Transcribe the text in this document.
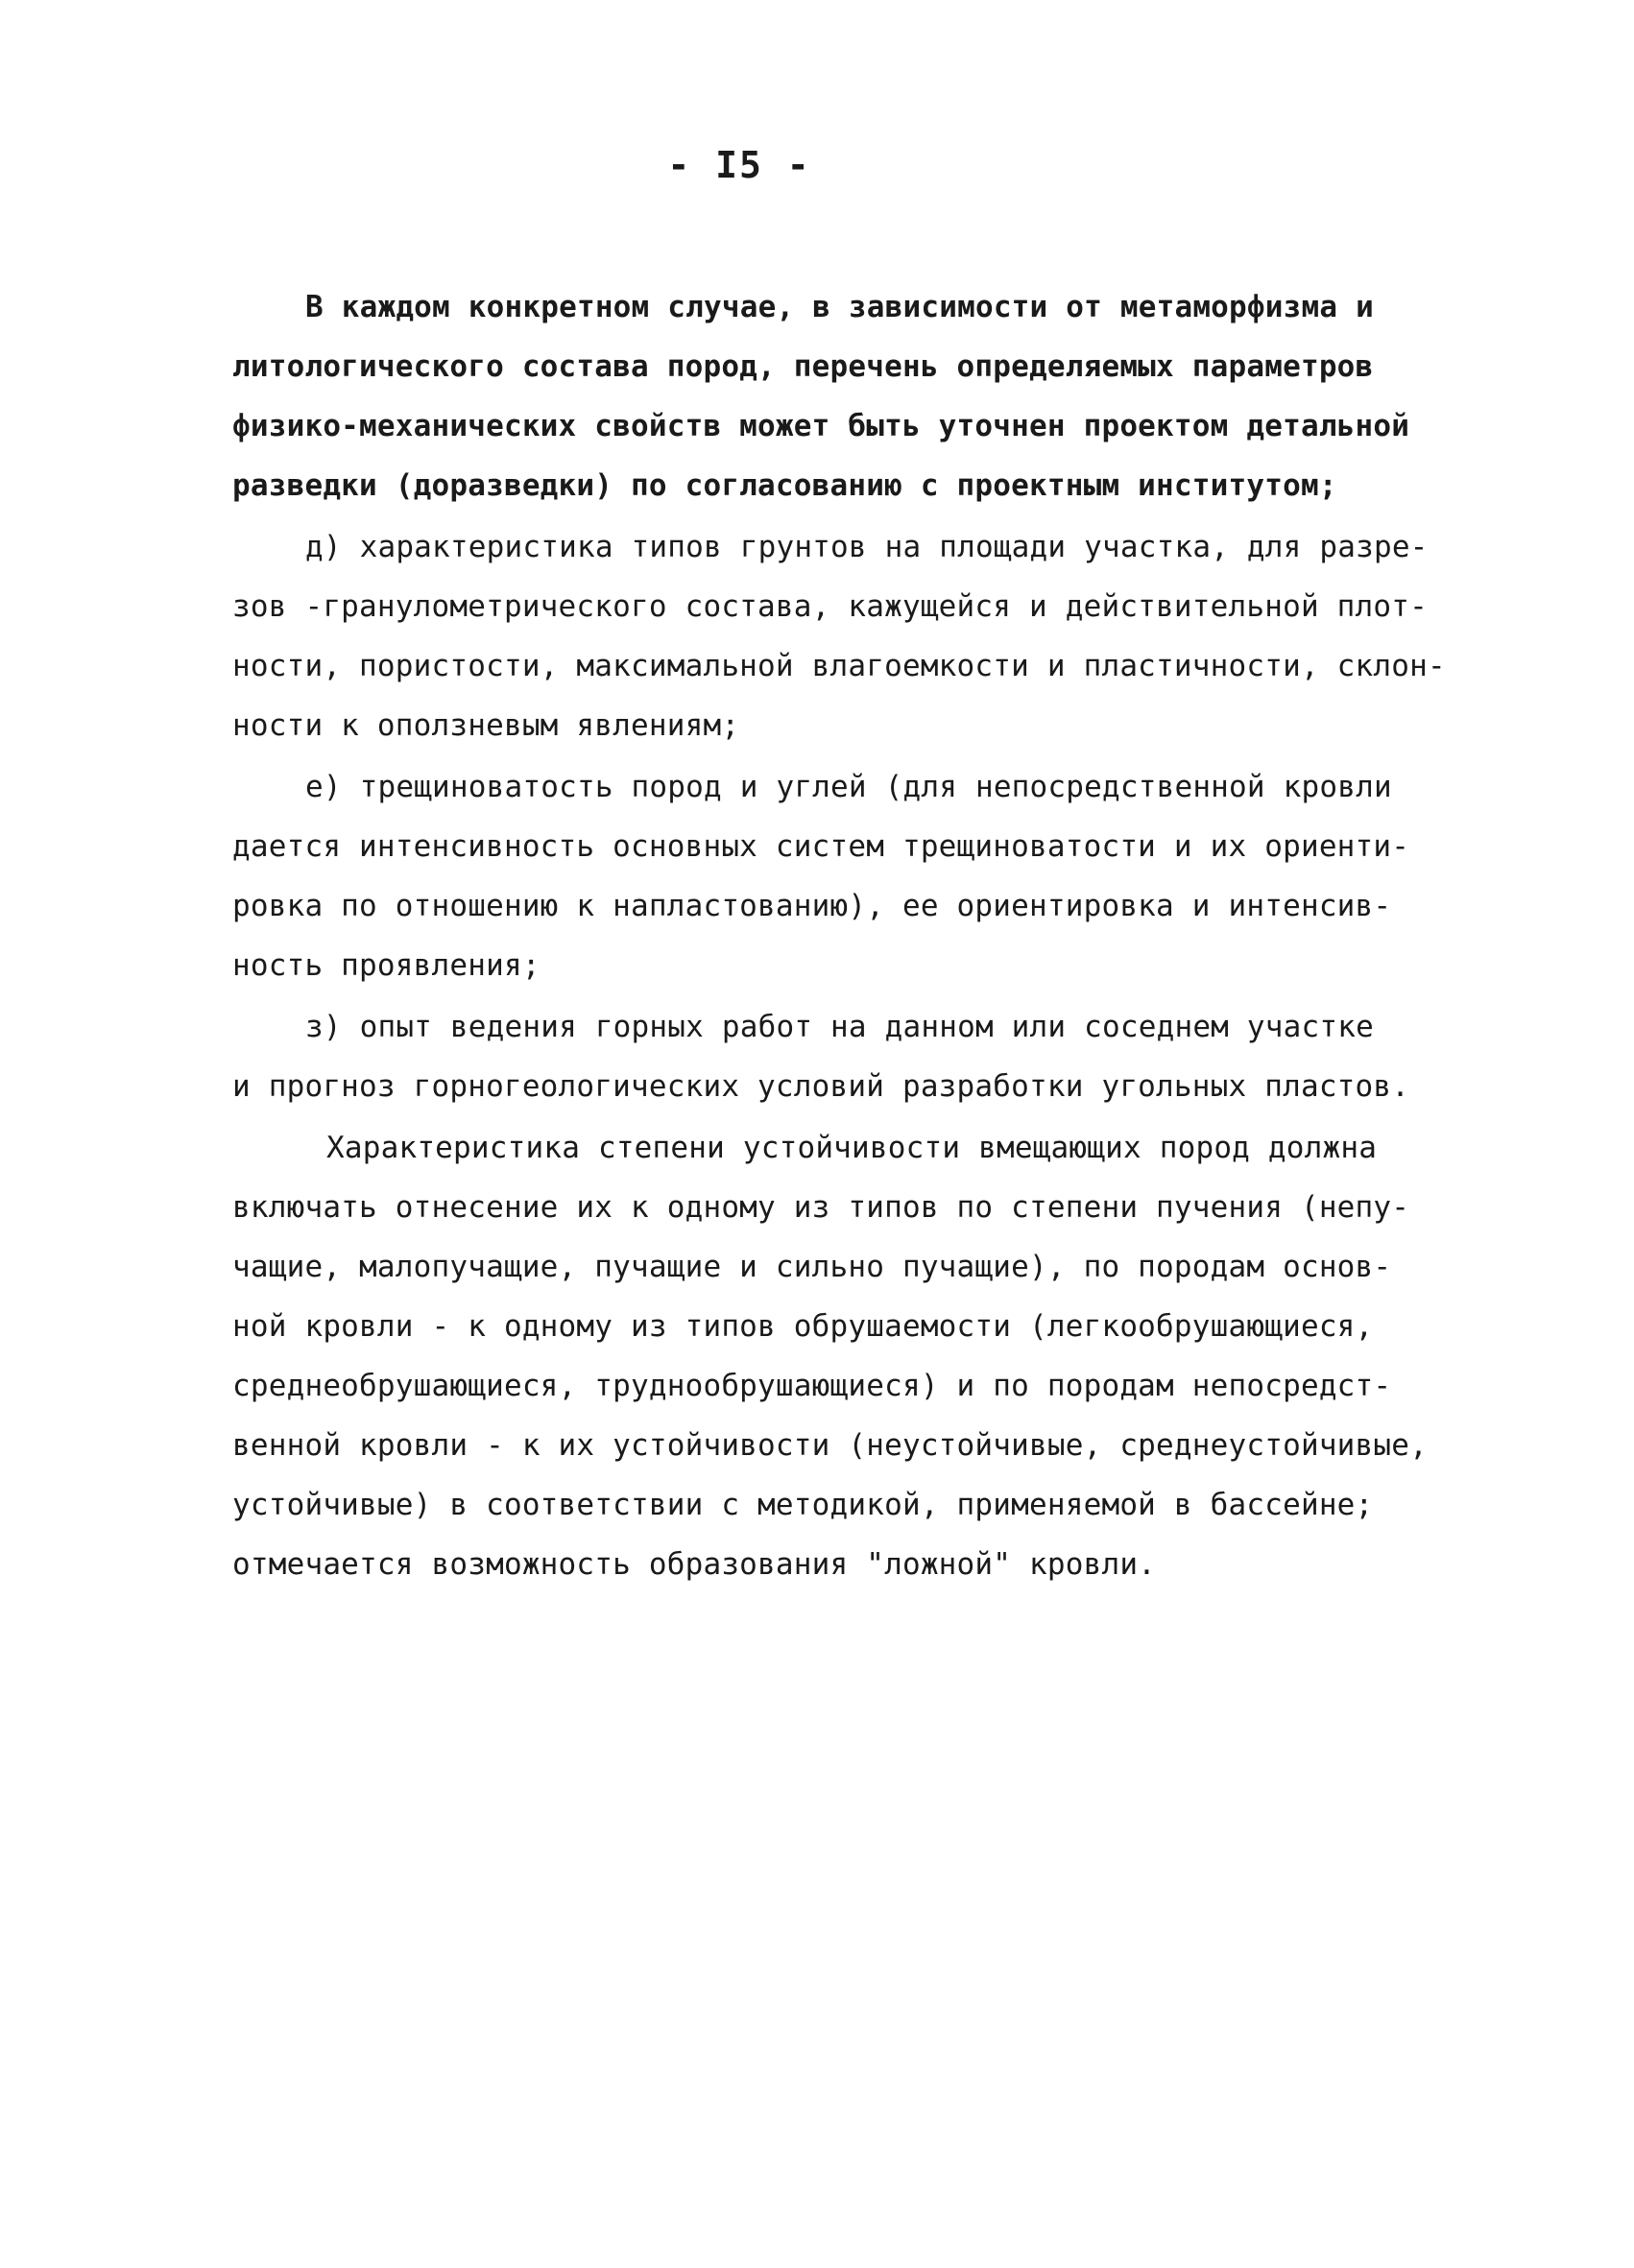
- I5 -
В каждом конкретном случае, в зависимости от метаморфизма и
литологического состава пород, перечень определяемых параметров
физико-механических свойств может быть уточнен проектом детальной
разведки (доразведки) по согласованию с проектным институтом;
д) характеристика типов грунтов на площади участка, для разре-
зов -гранулометрического состава, кажущейся и действительной плот-
ности, пористости, максимальной влагоемкости и пластичности, склон-
ности к оползневым явлениям;
е) трещиноватость пород и углей (для непосредственной кровли
дается интенсивность основных систем трещиноватости и их ориенти-
ровка по отношению к напластованию), ее ориентировка и интенсив-
ность проявления;
з) опыт ведения горных работ на данном или соседнем участке
и прогноз горногеологических условий разработки угольных пластов.
Характеристика степени устойчивости вмещающих пород должна
включать отнесение их к одному из типов по степени пучения (непу-
чащие, малопучащие, пучащие и сильно пучащие), по породам основ-
ной кровли - к одному из типов обрушаемости (легкообрушающиеся,
среднеобрушающиеся, труднообрушающиеся) и по породам непосредст-
венной кровли - к их устойчивости (неустойчивые, среднеустойчивые,
устойчивые) в соответствии с методикой, применяемой в бассейне;
отмечается возможность образования "ложной" кровли.
